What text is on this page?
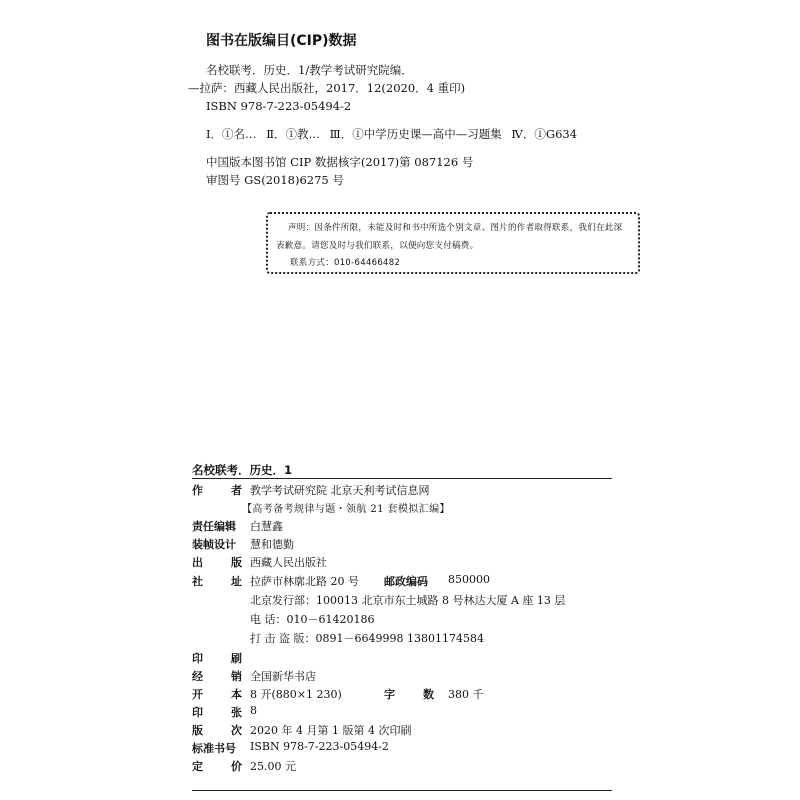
图书在版编目(CIP)数据
名校联考．历史．1/教学考试研究院编．
—拉萨：西藏人民出版社，2017．12(2020．4 重印)
ISBN 978-7-223-05494-2
Ⅰ．①名… Ⅱ．①教… Ⅲ．①中学历史课—高中—习题集 Ⅳ．①G634
中国版本图书馆 CIP 数据核字(2017)第 087126 号
审图号 GS(2018)6275 号
声明：因条件所限，未能及时和书中所选个别文章、图片的作者取得联系，我们在此深
表歉意。请您及时与我们联系，以便向您支付稿费。
联系方式：010-64466482
名校联考．历史．1
作	者 教学考试研究院 北京天利考试信息网
【高考备考规律与题・领航 21 套模拟汇编】
责任编辑	白慧鑫
装帧设计	慧和德勤
出	版 西藏人民出版社
社	址 拉萨市林廓北路 20 号 邮政编码	850000
北京发行部：100013 北京市东土城路 8 号林达大厦 A 座 13 层
电 话：010－61420186
打 击 盗 版：0891－6649998 13801174584
印	刷
经	销 全国新华书店
开	本 8 开(880×1 230)	字	数 380 千
印	张 8
版	次 2020 年 4 月第 1 版第 4 次印刷
标准书号	ISBN 978-7-223-05494-2
定	价 25.00 元
